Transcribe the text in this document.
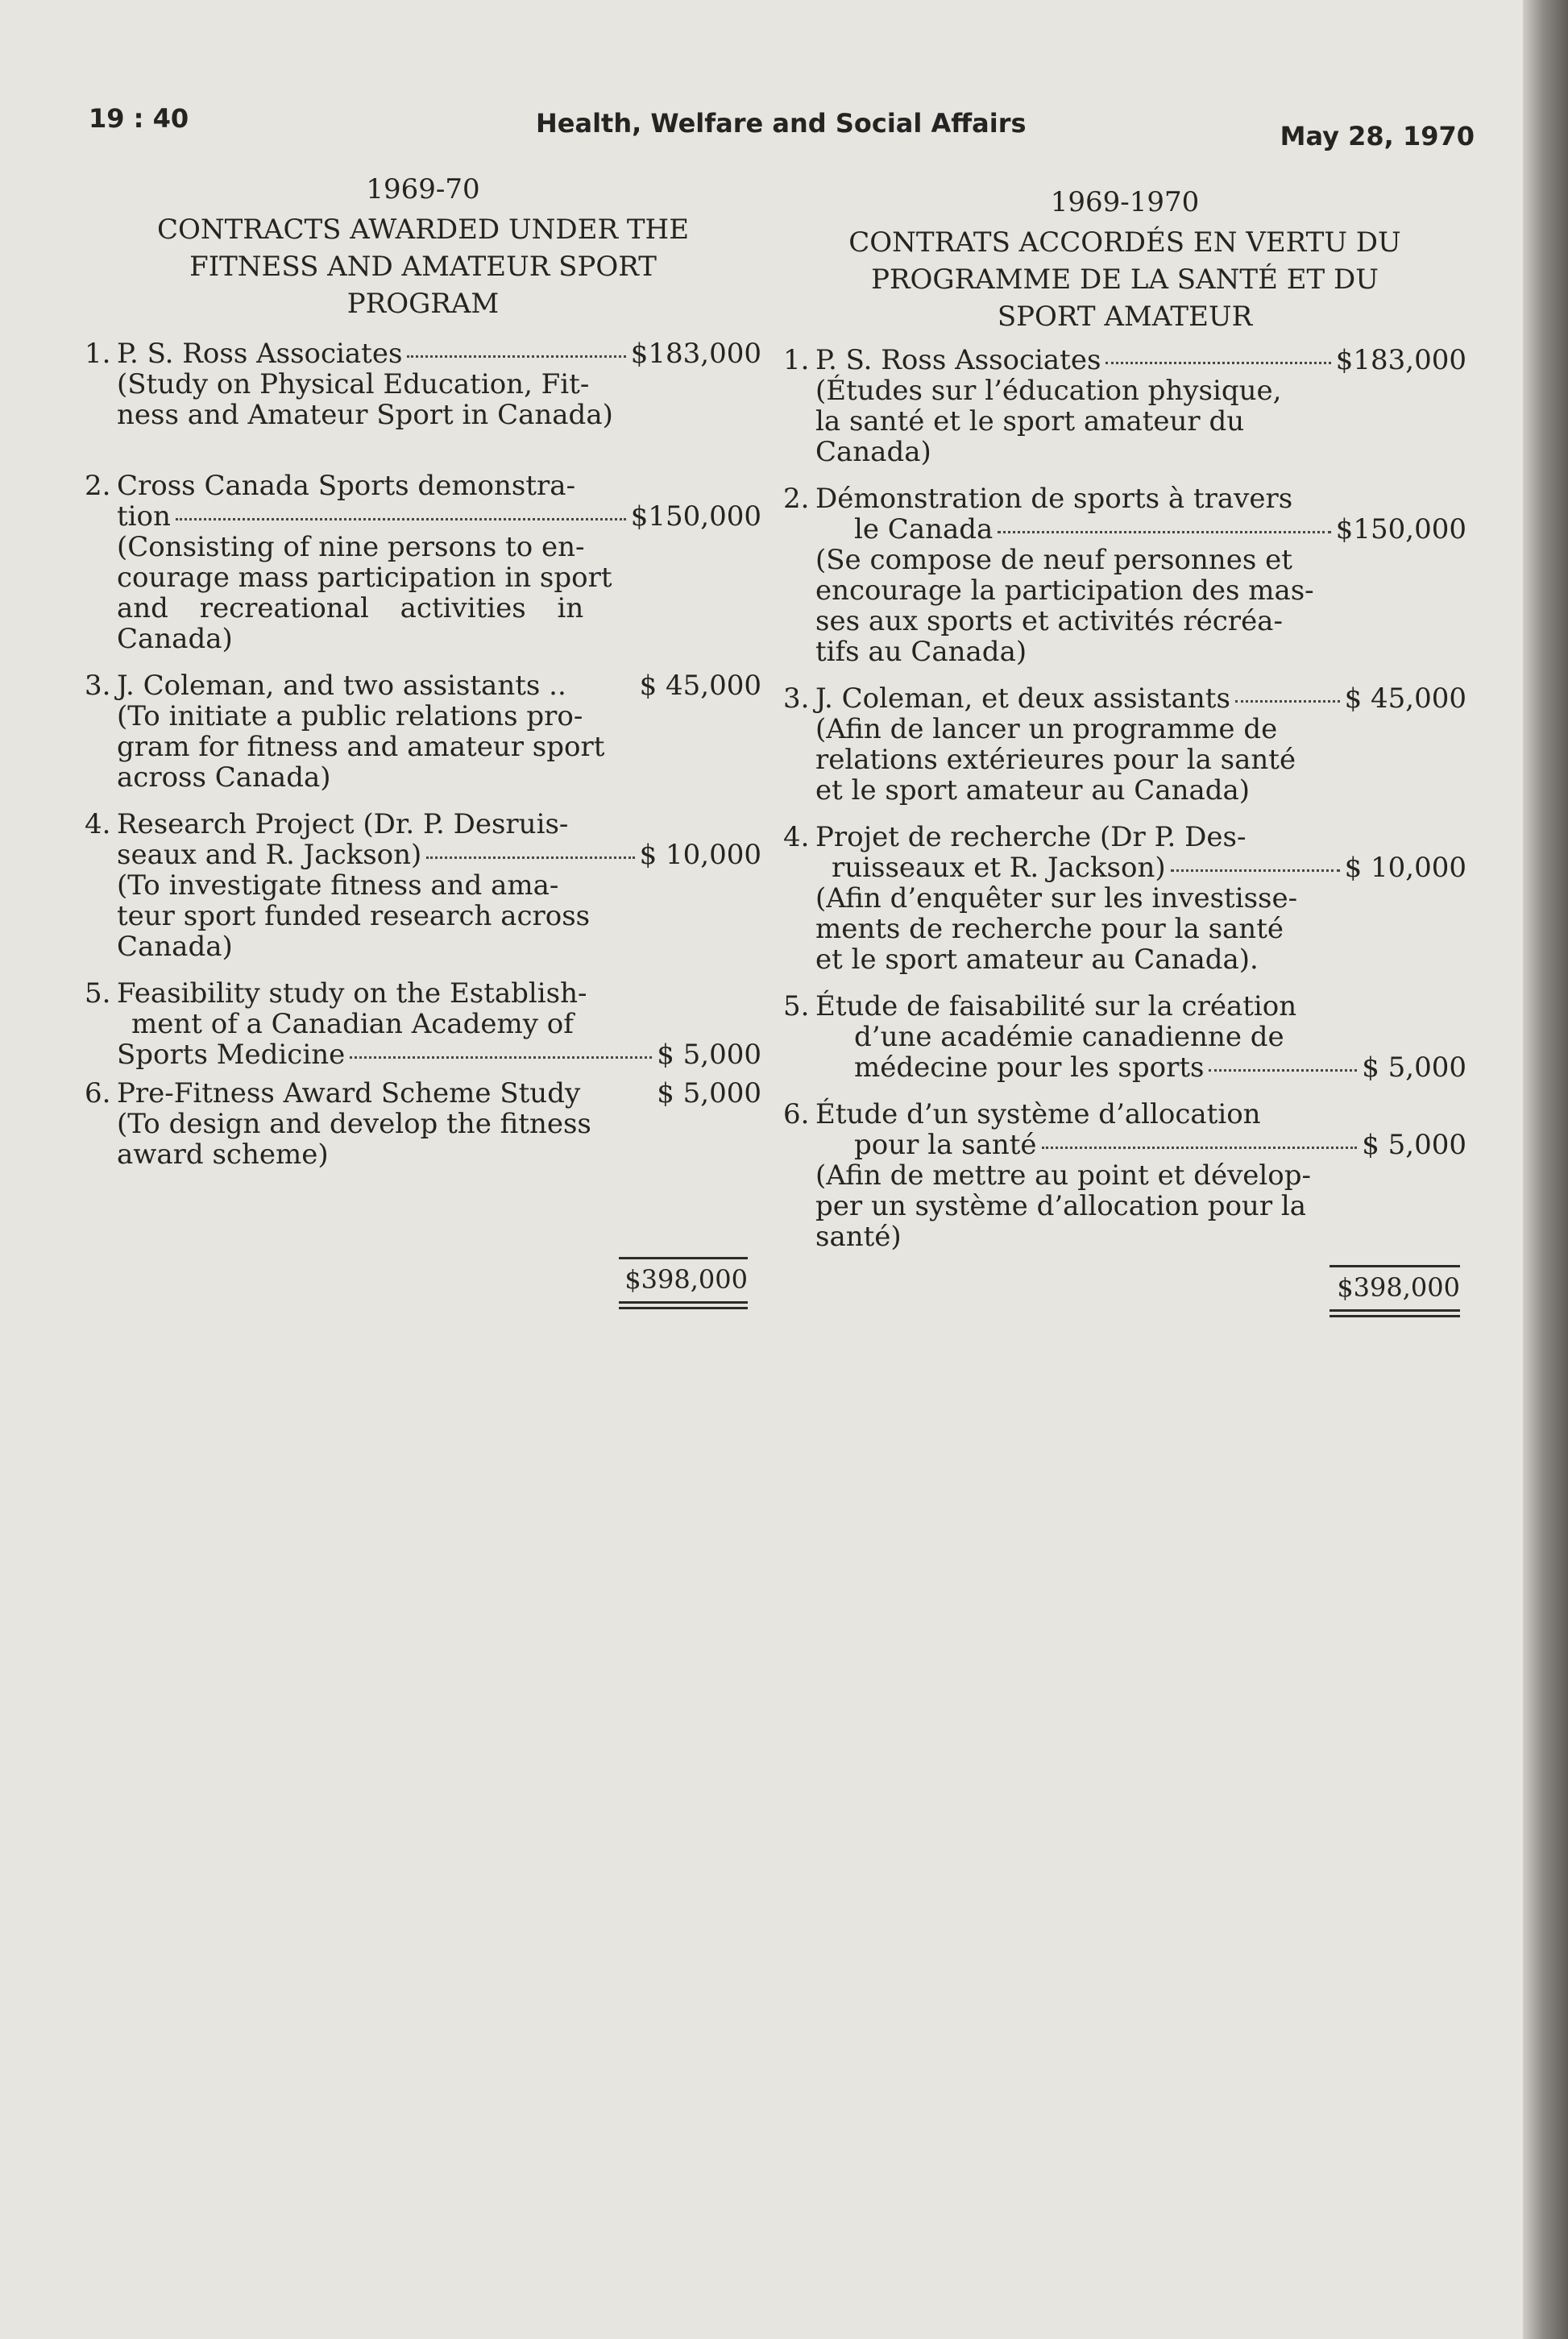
19 : 40	Health, Welfare and Social Affairs	May 28, 1970
1969-70
CONTRACTS AWARDED UNDER THE
FITNESS AND AMATEUR SPORT
PROGRAM
1. P. S. Ross Associates	$183,000
(Study on Physical Education, Fit-
ness and Amateur Sport in Canada)
2. Cross Canada Sports demonstra-
tion	$150,000
(Consisting of nine persons to en-
courage mass participation in sport
and recreational activities in
Canada)
3. J. Coleman, and two assistants ..	$ 45,000
(To initiate a public relations pro-
gram for fitness and amateur sport
across Canada)
4. Research Project (Dr. P. Desruis-
seaux and R. Jackson)	$ 10,000
(To investigate fitness and ama-
teur sport funded research across
Canada)
5. Feasibility study on the Establish-
ment of a Canadian Academy of
Sports Medicine	$ 5,000
6. Pre-Fitness Award Scheme Study	$ 5,000
(To design and develop the fitness
award scheme)
$398,000
1969-1970
CONTRATS ACCORDÉS EN VERTU DU
PROGRAMME DE LA SANTÉ ET DU
SPORT AMATEUR
1. P. S. Ross Associates	$183,000
(Études sur l’éducation physique,
la santé et le sport amateur du
Canada)
2. Démonstration de sports à travers
le Canada	$150,000
(Se compose de neuf personnes et
encourage la participation des mas-
ses aux sports et activités récréa-
tifs au Canada)
3. J. Coleman, et deux assistants	$ 45,000
(Afin de lancer un programme de
relations extérieures pour la santé
et le sport amateur au Canada)
4. Projet de recherche (Dr P. Des-
ruisseaux et R. Jackson)	$ 10,000
(Afin d’enquêter sur les investisse-
ments de recherche pour la santé
et le sport amateur au Canada).
5. Étude de faisabilité sur la création
d’une académie canadienne de
médecine pour les sports	$ 5,000
6. Étude d’un système d’allocation
pour la santé	$ 5,000
(Afin de mettre au point et dévelop-
per un système d’allocation pour la
santé)
$398,000
